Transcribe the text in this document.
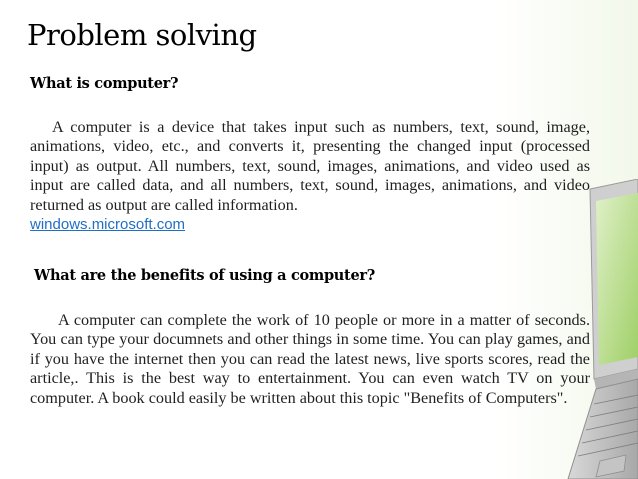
Problem solving
What is computer?

A computer is a device that takes input such as numbers, text, sound, image, animations, video, etc., and converts it, presenting the changed input (processed input) as output. All numbers, text, sound, images, animations, and video used as input are called data, and all numbers, text, sound, images, animations, and video returned as output are called information.
windows.microsoft.com

What are the benefits of using a computer?

A computer can complete the work of 10 people or more in a matter of seconds. You can type your documnets and other things in some time. You can play games, and if you have the internet then you can read the latest news, live sports scores, read the article,. This is the best way to entertainment. You can even watch TV on your computer. A book could easily be written about this topic "Benefits of Computers".
